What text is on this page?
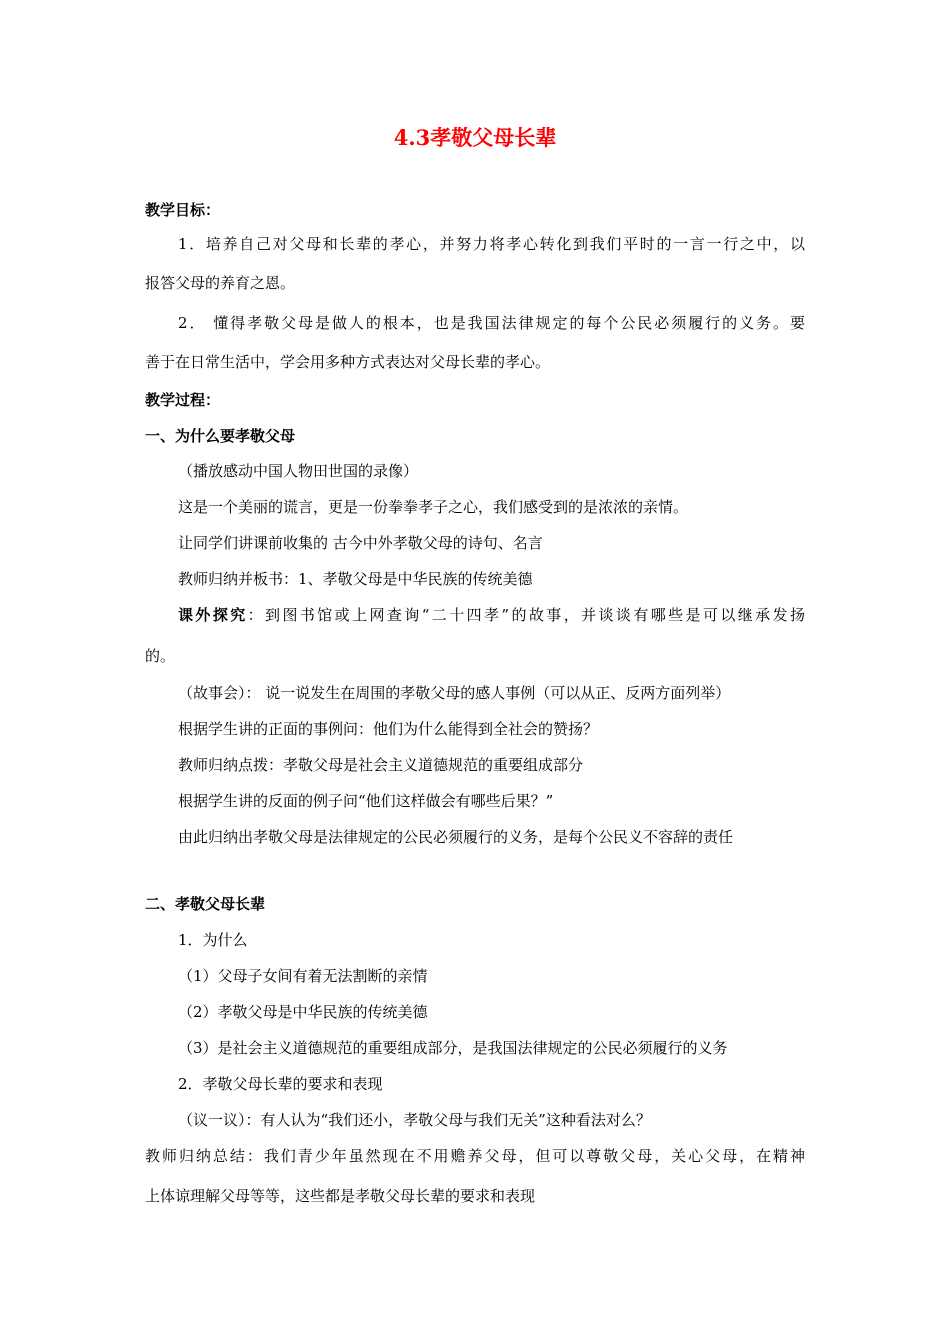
4.3孝敬父母长辈

教学目标：

1．培养自己对父母和长辈的孝心，并努力将孝心转化到我们平时的一言一行之中，以

报答父母的养育之恩。

2． 懂得孝敬父母是做人的根本，也是我国法律规定的每个公民必须履行的义务。要

善于在日常生活中，学会用多种方式表达对父母长辈的孝心。

教学过程：

一、为什么要孝敬父母

（播放感动中国人物田世国的录像）

这是一个美丽的谎言，更是一份拳拳孝子之心，我们感受到的是浓浓的亲情。

让同学们讲课前收集的 古今中外孝敬父母的诗句、名言

教师归纳并板书：1、孝敬父母是中华民族的传统美德

课外探究：到图书馆或上网查询“二十四孝”的故事，并谈谈有哪些是可以继承发扬

的。

（故事会）： 说一说发生在周围的孝敬父母的感人事例（可以从正、反两方面列举）

根据学生讲的正面的事例问：他们为什么能得到全社会的赞扬？

教师归纳点拨：孝敬父母是社会主义道德规范的重要组成部分

根据学生讲的反面的例子问“他们这样做会有哪些后果？”

由此归纳出孝敬父母是法律规定的公民必须履行的义务，是每个公民义不容辞的责任

二、孝敬父母长辈

1．为什么

（1）父母子女间有着无法割断的亲情

（2）孝敬父母是中华民族的传统美德

（3）是社会主义道德规范的重要组成部分，是我国法律规定的公民必须履行的义务

2．孝敬父母长辈的要求和表现

（议一议）：有人认为“我们还小，孝敬父母与我们无关”这种看法对么？

教师归纳总结：我们青少年虽然现在不用赡养父母，但可以尊敬父母，关心父母，在精神

上体谅理解父母等等，这些都是孝敬父母长辈的要求和表现
